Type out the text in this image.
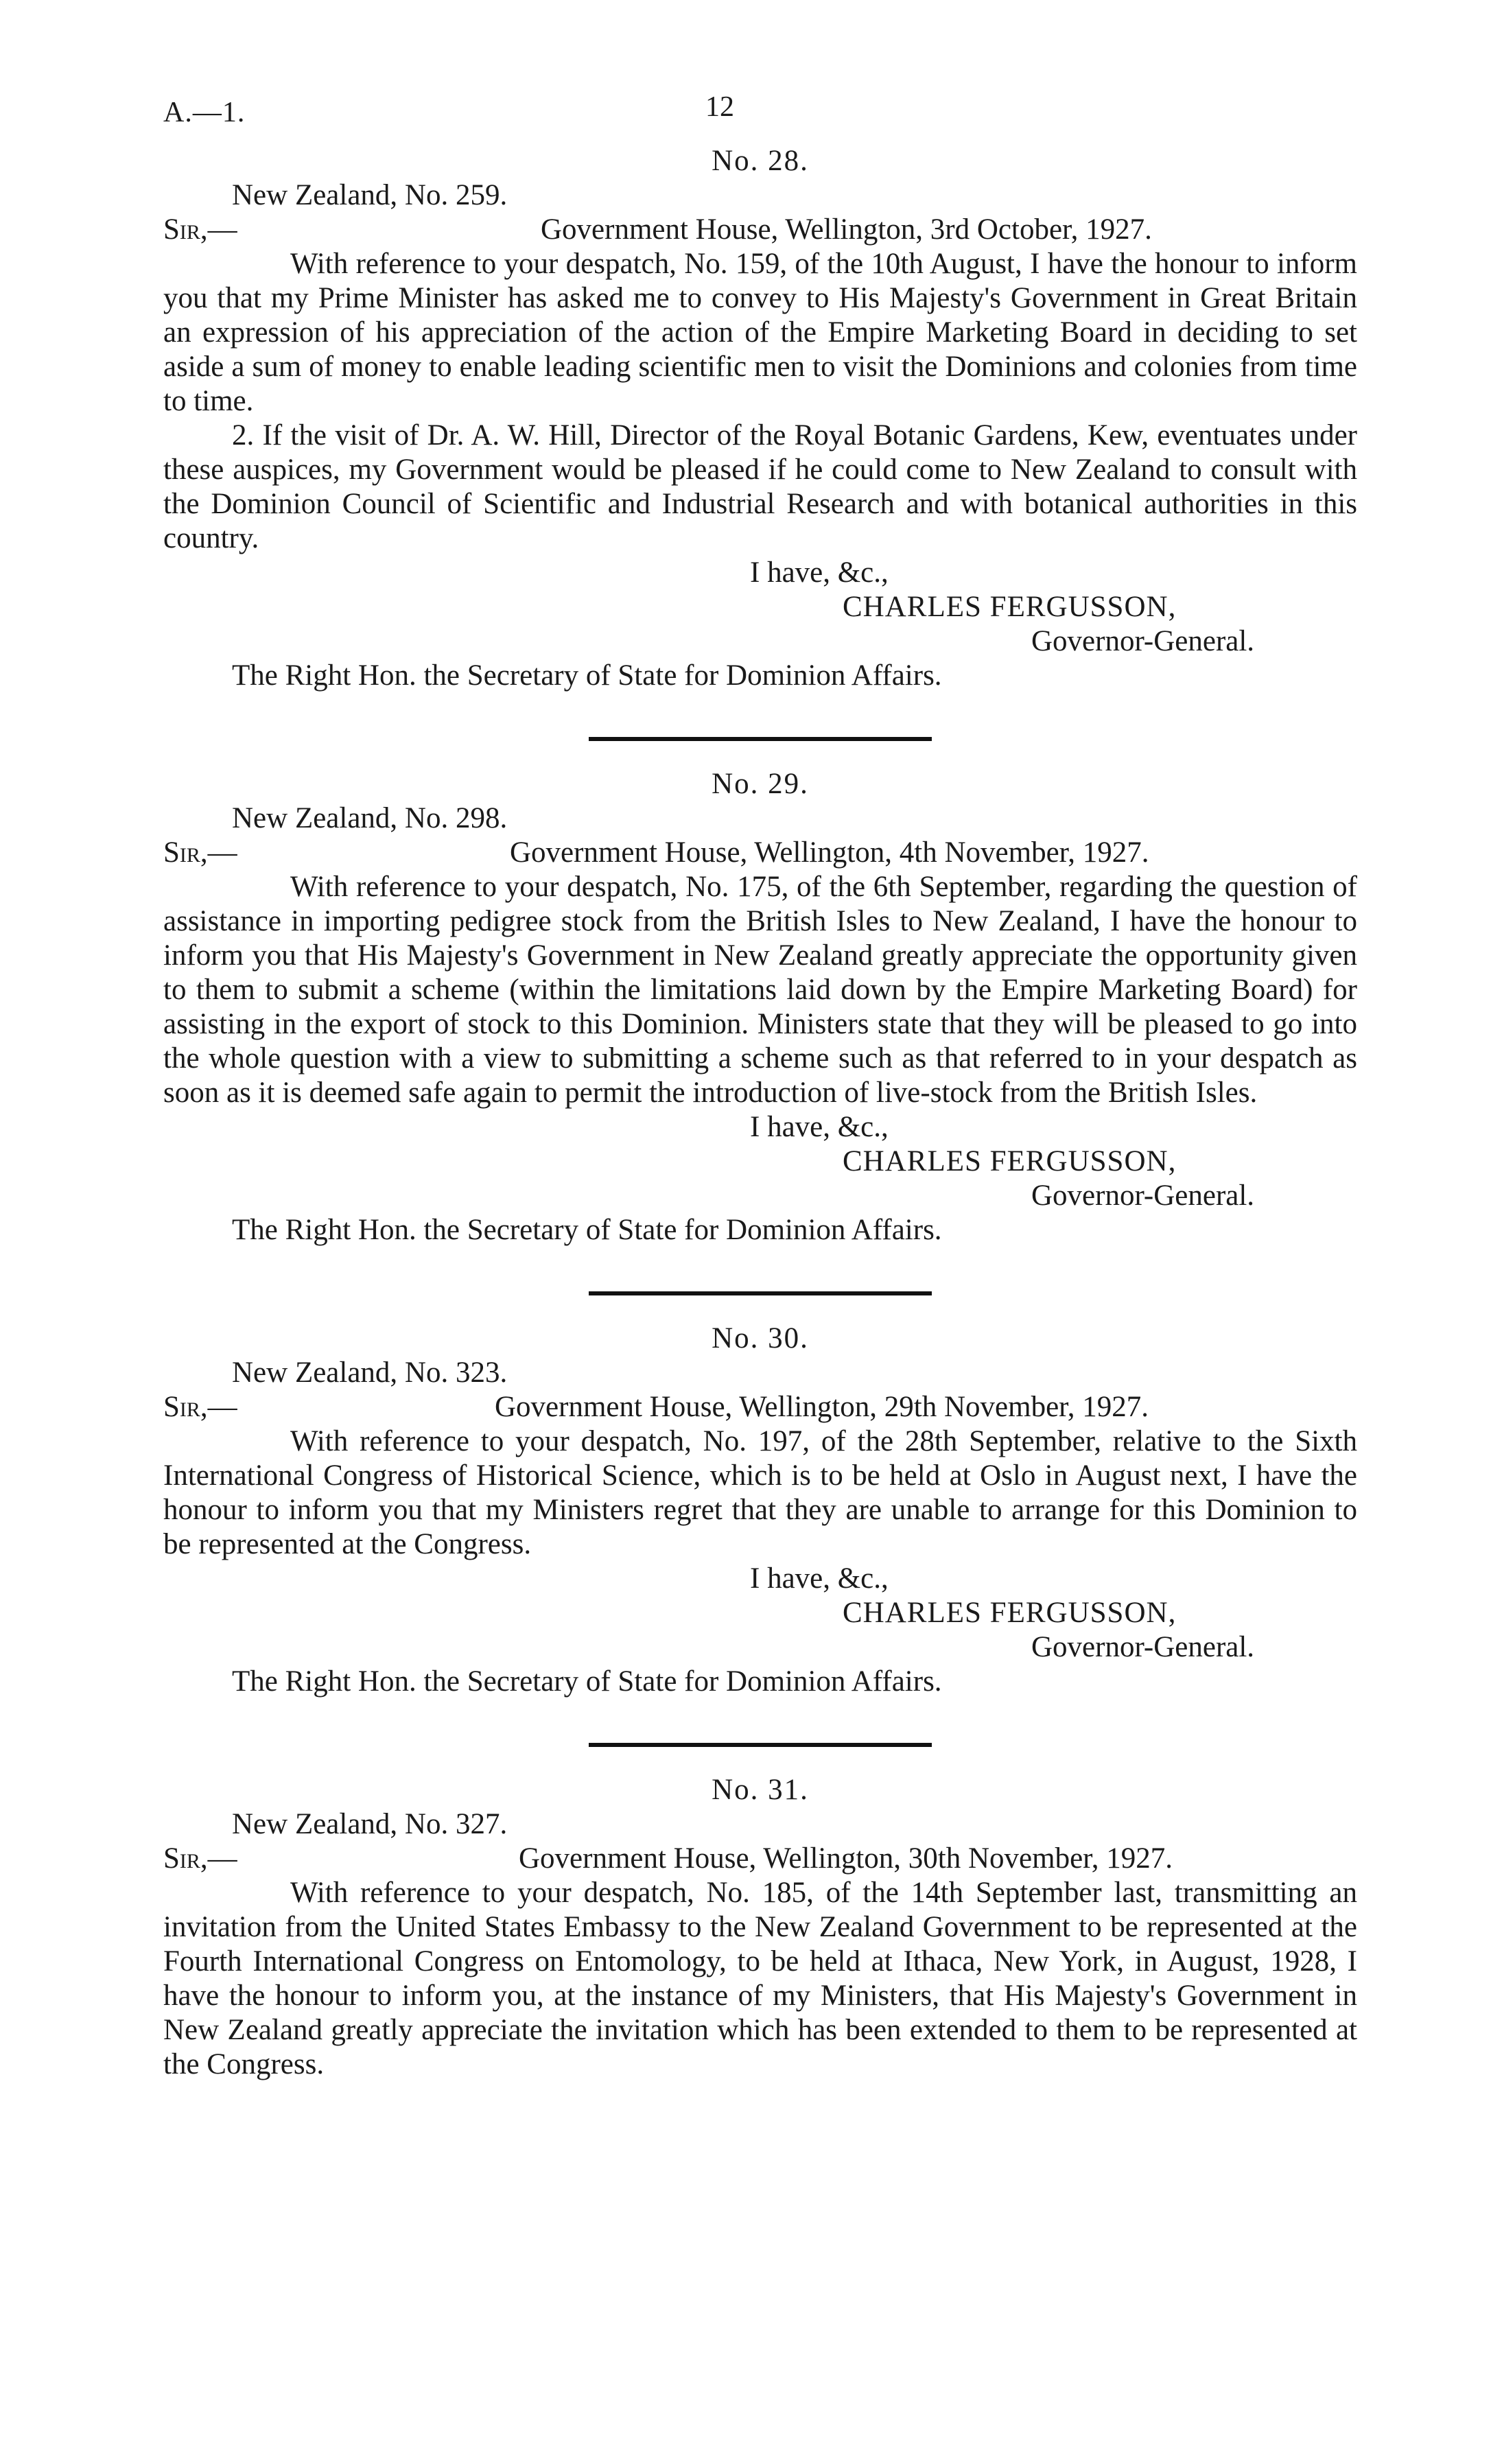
A.—1.	12

No. 28.

New Zealand, No. 259.
Sir,—	Government House, Wellington, 3rd October, 1927.

With reference to your despatch, No. 159, of the 10th August, I have the honour to inform you that my Prime Minister has asked me to convey to His Majesty's Government in Great Britain an expression of his appreciation of the action of the Empire Marketing Board in deciding to set aside a sum of money to enable leading scientific men to visit the Dominions and colonies from time to time.

2. If the visit of Dr. A. W. Hill, Director of the Royal Botanic Gardens, Kew, eventuates under these auspices, my Government would be pleased if he could come to New Zealand to consult with the Dominion Council of Scientific and Industrial Research and with botanical authorities in this country.

I have, &c.,
CHARLES FERGUSSON,
Governor-General.
The Right Hon. the Secretary of State for Dominion Affairs.

No. 29.

New Zealand, No. 298.
Sir,—	Government House, Wellington, 4th November, 1927.

With reference to your despatch, No. 175, of the 6th September, regarding the question of assistance in importing pedigree stock from the British Isles to New Zealand, I have the honour to inform you that His Majesty's Government in New Zealand greatly appreciate the opportunity given to them to submit a scheme (within the limitations laid down by the Empire Marketing Board) for assisting in the export of stock to this Dominion. Ministers state that they will be pleased to go into the whole question with a view to submitting a scheme such as that referred to in your despatch as soon as it is deemed safe again to permit the introduction of live-stock from the British Isles.

I have, &c.,
CHARLES FERGUSSON,
Governor-General.
The Right Hon. the Secretary of State for Dominion Affairs.

No. 30.

New Zealand, No. 323.
Sir,—	Government House, Wellington, 29th November, 1927.

With reference to your despatch, No. 197, of the 28th September, relative to the Sixth International Congress of Historical Science, which is to be held at Oslo in August next, I have the honour to inform you that my Ministers regret that they are unable to arrange for this Dominion to be represented at the Congress.

I have, &c.,
CHARLES FERGUSSON,
Governor-General.
The Right Hon. the Secretary of State for Dominion Affairs.

No. 31.

New Zealand, No. 327.
Sir,—	Government House, Wellington, 30th November, 1927.

With reference to your despatch, No. 185, of the 14th September last, transmitting an invitation from the United States Embassy to the New Zealand Government to be represented at the Fourth International Congress on Entomology, to be held at Ithaca, New York, in August, 1928, I have the honour to inform you, at the instance of my Ministers, that His Majesty's Government in New Zealand greatly appreciate the invitation which has been extended to them to be represented at the Congress.
